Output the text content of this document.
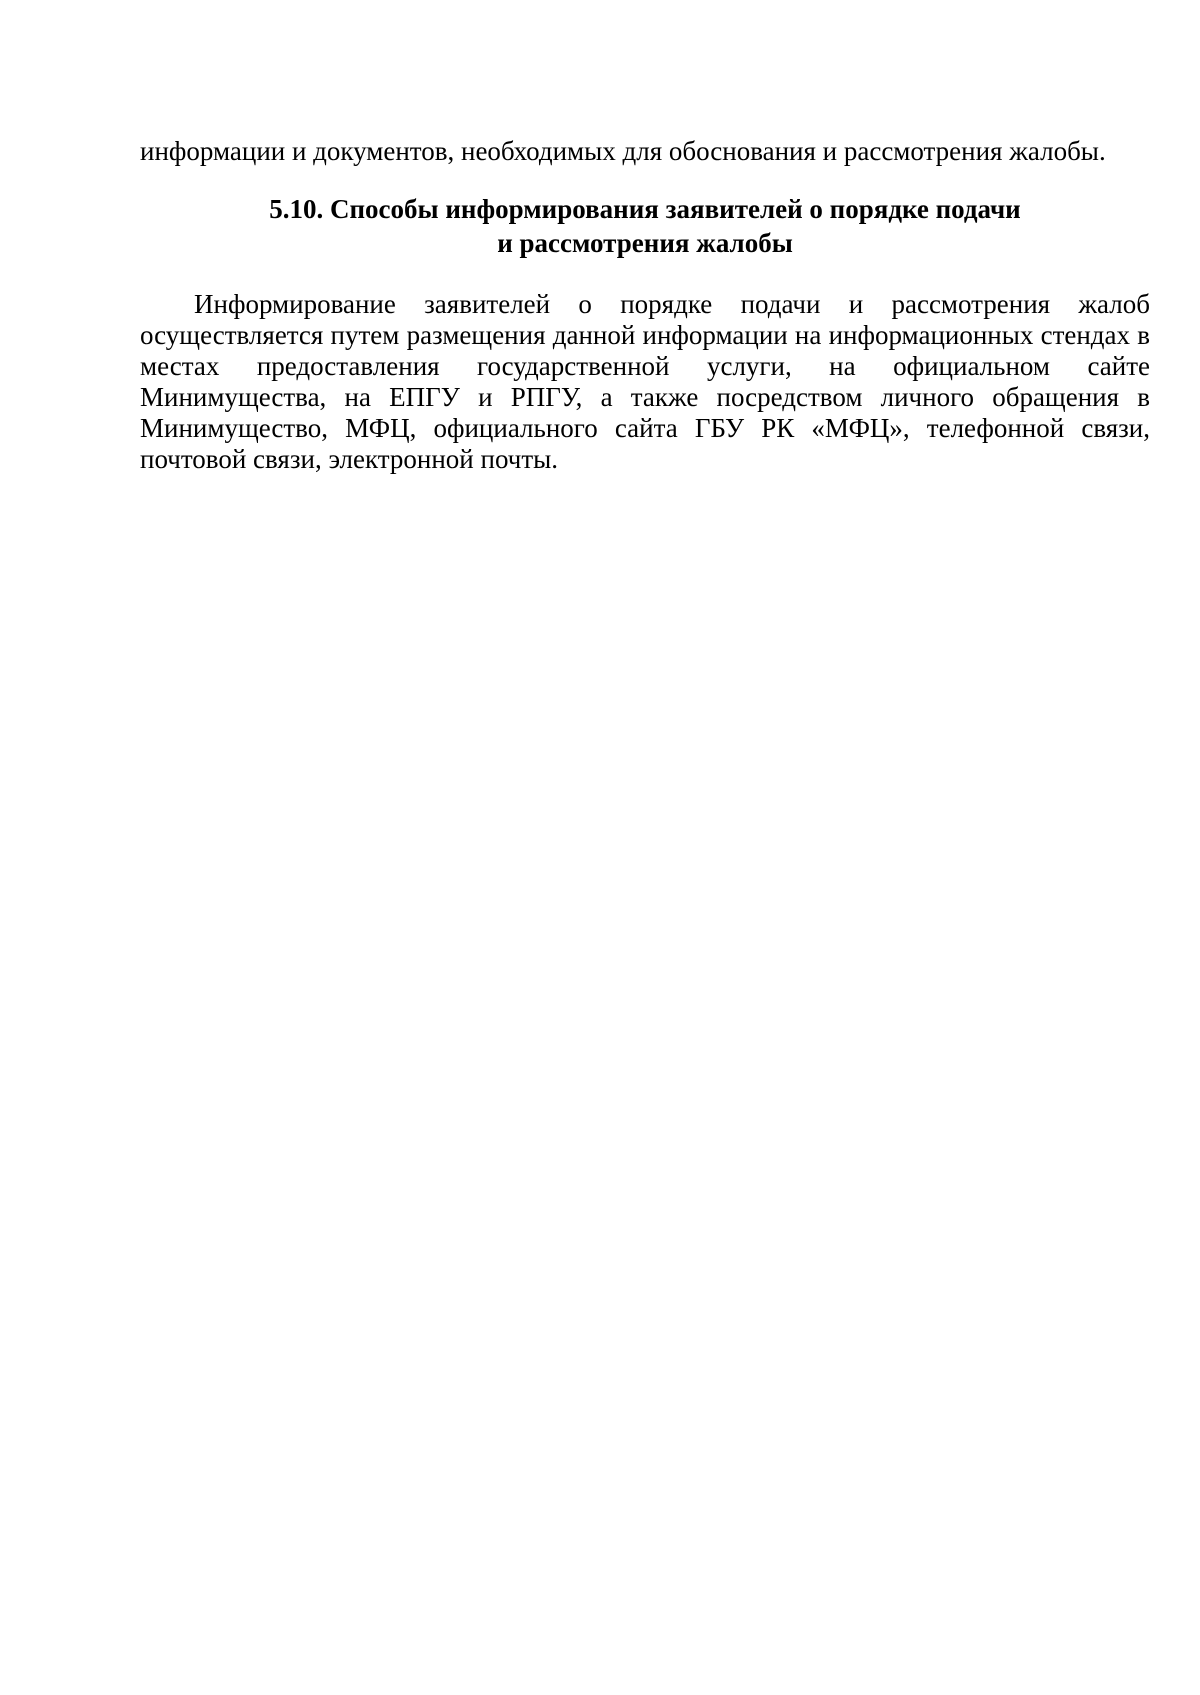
информации и документов, необходимых для обоснования и рассмотрения жалобы.

5.10. Способы информирования заявителей о порядке подачи
и рассмотрения жалобы

Информирование заявителей о порядке подачи и рассмотрения жалоб осуществляется путем размещения данной информации на информационных стендах в местах предоставления государственной услуги, на официальном сайте Минимущества, на ЕПГУ и РПГУ, а также посредством личного обращения в Минимущество, МФЦ, официального сайта ГБУ РК «МФЦ», телефонной связи, почтовой связи, электронной почты.
